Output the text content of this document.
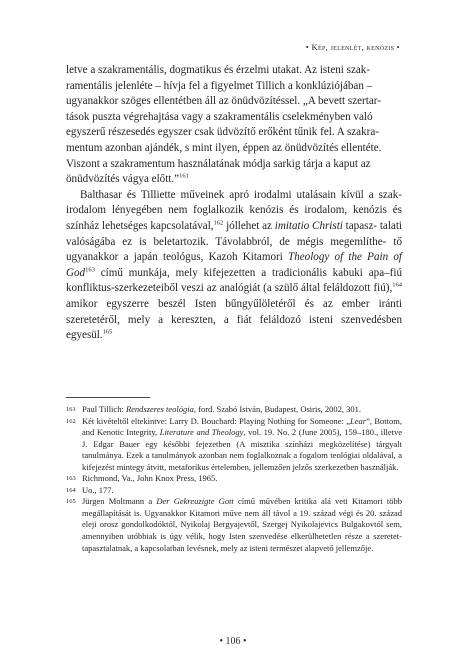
• Kép, jelenlét, kenózis •

letve a szakramentális, dogmatikus és érzelmi utakat. Az isteni szak-
ramentális jelenléte – hívja fel a figyelmet Tillich a konklúziójában –
ugyanakkor szöges ellentétben áll az önüdvözítéssel. „A bevett szertar-
tások puszta végrehajtása vagy a szakramentális cselekményben való
egyszerű részesedés egyszer csak üdvözítő erőként tűnik fel. A szakra-
mentum azonban ajándék, s mint ilyen, éppen az önüdvözítés ellentéte.
Viszont a szakramentum használatának módja sarkig tárja a kaput az
önüdvözítés vágya előtt.”$^{161}$

Balthasar és Tilliette műveinek apró irodalmi utalásain kívül a szak- irodalom lényegében nem foglalkozik kenózis és irodalom, kenózis és színház lehetséges kapcsolatával,$^{162}$ jóllehet az imitatio Christi tapasz- talati valóságába ez is beletartozik. Távolabbról, de mégis megemlíthe- tő ugyanakkor a japán teológus, Kazoh Kitamori Theology of the Pain of God$^{163}$ című munkája, mely kifejezetten a tradicionális kabuki apa–fiú konfliktus-szerkezeteiből veszi az analógiát (a szülő által feláldozott fiú),$^{164}$ amikor egyszerre beszél Isten bűngyűlöletéről és az ember iránti szeretetéről, mely a kereszten, a fiát feláldozó isteni szenvedésben egyesül.$^{165}$

161 Paul Tillich: Rendszeres teológia, ford. Szabó István, Budapest, Osiris, 2002, 301.

162 Két kivételtől eltekintve: Larry D. Bouchard: Playing Nothing for Someone: „Lear”, Bottom, and Kenotic Integrity, Literature and Theology, vol. 19. No. 2 (June 2005), 159–180., illetve J. Edgar Bauer egy későbbi fejezetben (A misztika színházi megközelítése) tárgyalt tanulmánya. Ezek a tanulmányok azonban nem foglalkoznak a fogalom teológiai oldalával, a kifejezést mintegy átvitt, metaforikus értelemben, jellemzően jelzős szerkezetben használják.

163 Richmond, Va., John Knox Press, 1965.

164 Uo., 177.

165 Jürgen Moltmann a Der Gekreuzigte Gott című művében kritika alá veti Kitamori több megállapítását is. Ugyanakkor Kitamori műve nem áll távol a 19. század végi és 20. század eleji orosz gondolkodóktól, Nyikolaj Bergyajevtől, Szergej Nyikolajevics Bulgakovtól sem, amennyiben utóbbiak is úgy vélik, hogy Isten szenvedése elkerülhetetlen része a szeretet-tapasztalatnak, a kapcsolatban levésnek, mely az isteni természet alapvető jellemzője.

• 106 •
